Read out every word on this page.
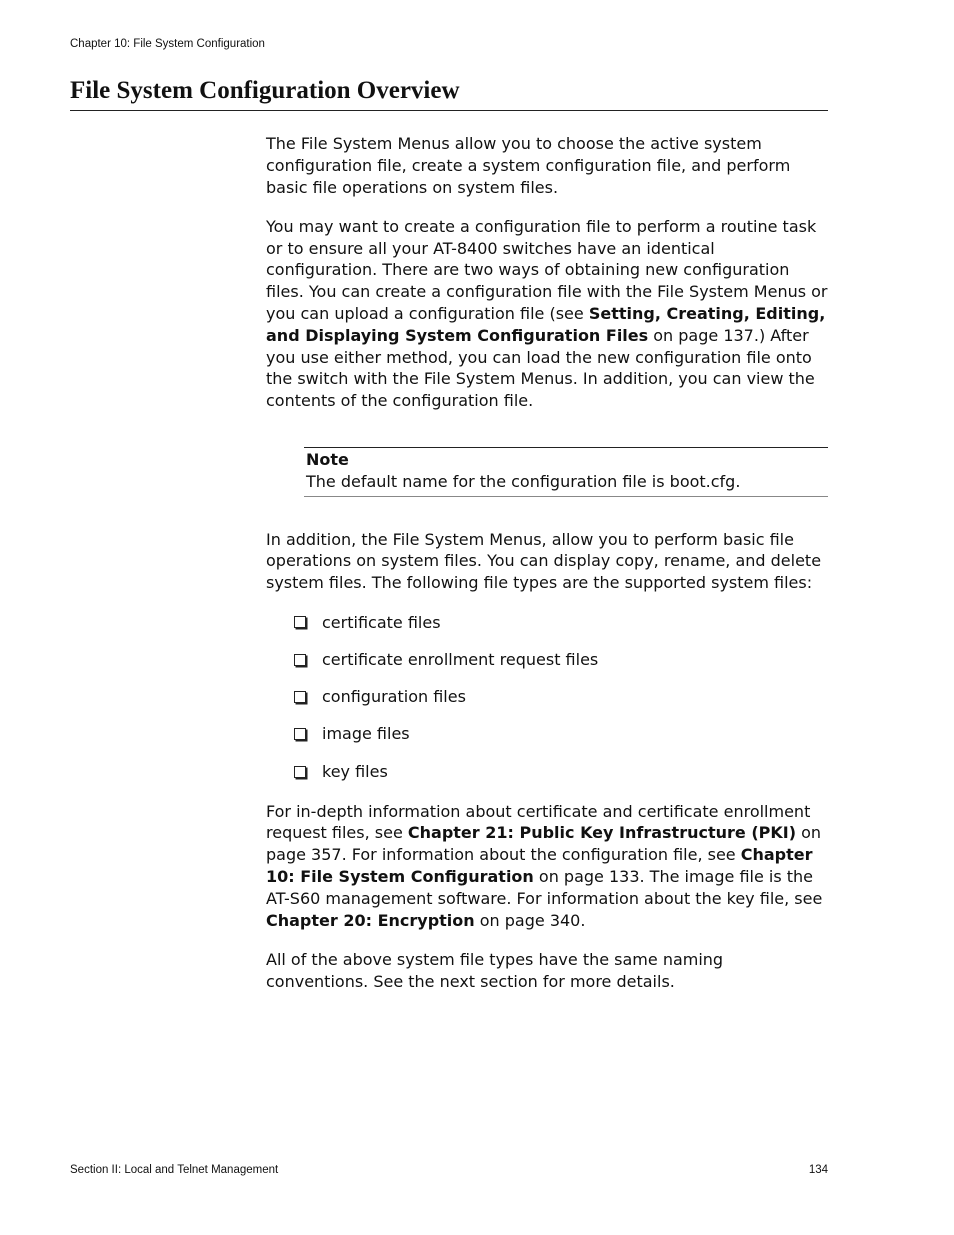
Chapter 10: File System Configuration
File System Configuration Overview

The File System Menus allow you to choose the active system configuration file, create a system configuration file, and perform basic file operations on system files.

You may want to create a configuration file to perform a routine task or to ensure all your AT-8400 switches have an identical configuration. There are two ways of obtaining new configuration files. You can create a configuration file with the File System Menus or you can upload a configuration file (see Setting, Creating, Editing, and Displaying System Configuration Files on page 137.) After you use either method, you can load the new configuration file onto the switch with the File System Menus. In addition, you can view the contents of the configuration file.

Note
The default name for the configuration file is boot.cfg.

In addition, the File System Menus, allow you to perform basic file operations on system files. You can display copy, rename, and delete system files. The following file types are the supported system files:

certificate files
certificate enrollment request files
configuration files
image files
key files

For in-depth information about certificate and certificate enrollment request files, see Chapter 21: Public Key Infrastructure (PKI) on page 357. For information about the configuration file, see Chapter 10: File System Configuration on page 133. The image file is the AT-S60 management software. For information about the key file, see Chapter 20: Encryption on page 340.

All of the above system file types have the same naming conventions. See the next section for more details.

Section II: Local and Telnet Management	134
